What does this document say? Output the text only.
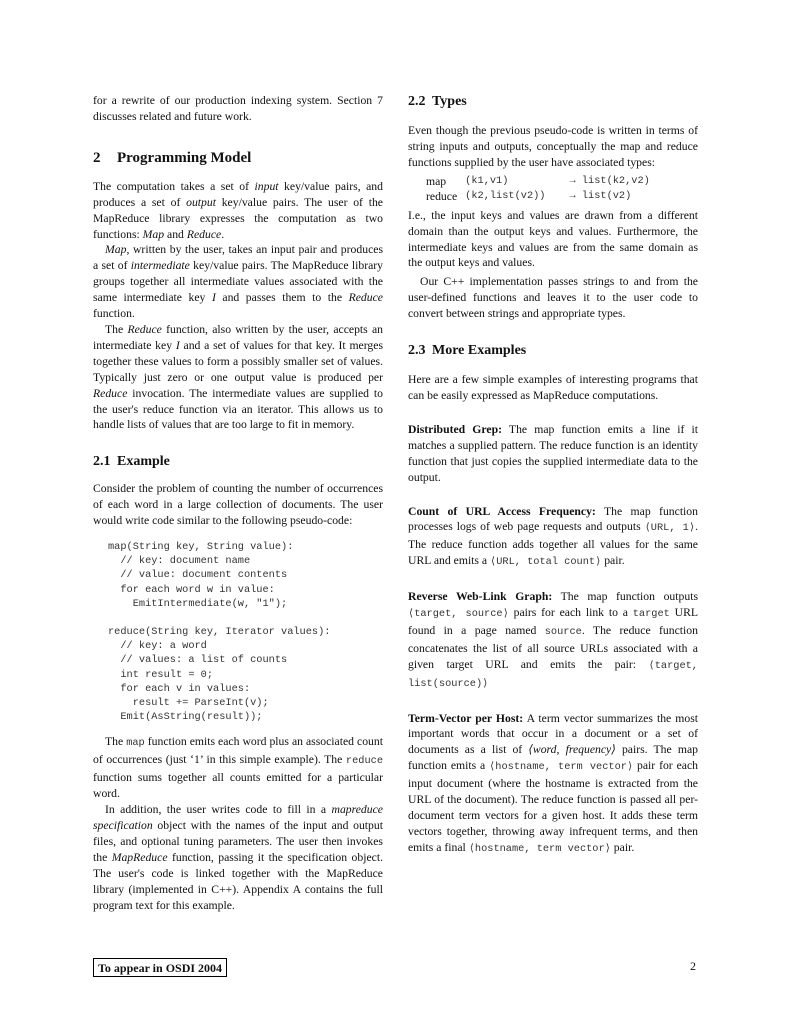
for a rewrite of our production indexing system. Section 7 discusses related and future work.

2 Programming Model

The computation takes a set of input key/value pairs, and produces a set of output key/value pairs. The user of the MapReduce library expresses the computation as two functions: Map and Reduce.

Map, written by the user, takes an input pair and produces a set of intermediate key/value pairs. The MapReduce library groups together all intermediate values associated with the same intermediate key I and passes them to the Reduce function.

The Reduce function, also written by the user, accepts an intermediate key I and a set of values for that key. It merges together these values to form a possibly smaller set of values. Typically just zero or one output value is produced per Reduce invocation. The intermediate values are supplied to the user's reduce function via an iterator. This allows us to handle lists of values that are too large to fit in memory.

2.1 Example

Consider the problem of counting the number of occurrences of each word in a large collection of documents. The user would write code similar to the following pseudo-code:

map(String key, String value):
// key: document name
// value: document contents
for each word w in value:
EmitIntermediate(w, "1");
reduce(String key, Iterator values):
// key: a word
// values: a list of counts
int result = 0;
for each v in values:
result += ParseInt(v);
Emit(AsString(result));

The map function emits each word plus an associated count of occurrences (just ‘1’ in this simple example). The reduce function sums together all counts emitted for a particular word.

In addition, the user writes code to fill in a mapreduce specification object with the names of the input and output files, and optional tuning parameters. The user then invokes the MapReduce function, passing it the specification object. The user's code is linked together with the MapReduce library (implemented in C++). Appendix A contains the full program text for this example.

2.2 Types

Even though the previous pseudo-code is written in terms of string inputs and outputs, conceptually the map and reduce functions supplied by the user have associated types:

map	(k1,v1)	→ list(k2,v2)
reduce	(k2,list(v2))	→ list(v2)

I.e., the input keys and values are drawn from a different domain than the output keys and values. Furthermore, the intermediate keys and values are from the same domain as the output keys and values.

Our C++ implementation passes strings to and from the user-defined functions and leaves it to the user code to convert between strings and appropriate types.

2.3 More Examples

Here are a few simple examples of interesting programs that can be easily expressed as MapReduce computations.

Distributed Grep: The map function emits a line if it matches a supplied pattern. The reduce function is an identity function that just copies the supplied intermediate data to the output.

Count of URL Access Frequency: The map function processes logs of web page requests and outputs ⟨URL, 1⟩. The reduce function adds together all values for the same URL and emits a ⟨URL, total count⟩ pair.

Reverse Web-Link Graph: The map function outputs ⟨target, source⟩ pairs for each link to a target URL found in a page named source. The reduce function concatenates the list of all source URLs associated with a given target URL and emits the pair: ⟨target, list(source)⟩

Term-Vector per Host: A term vector summarizes the most important words that occur in a document or a set of documents as a list of ⟨word, frequency⟩ pairs. The map function emits a ⟨hostname, term vector⟩ pair for each input document (where the hostname is extracted from the URL of the document). The reduce function is passed all per-document term vectors for a given host. It adds these term vectors together, throwing away infrequent terms, and then emits a final ⟨hostname, term vector⟩ pair.

To appear in OSDI 2004	2
